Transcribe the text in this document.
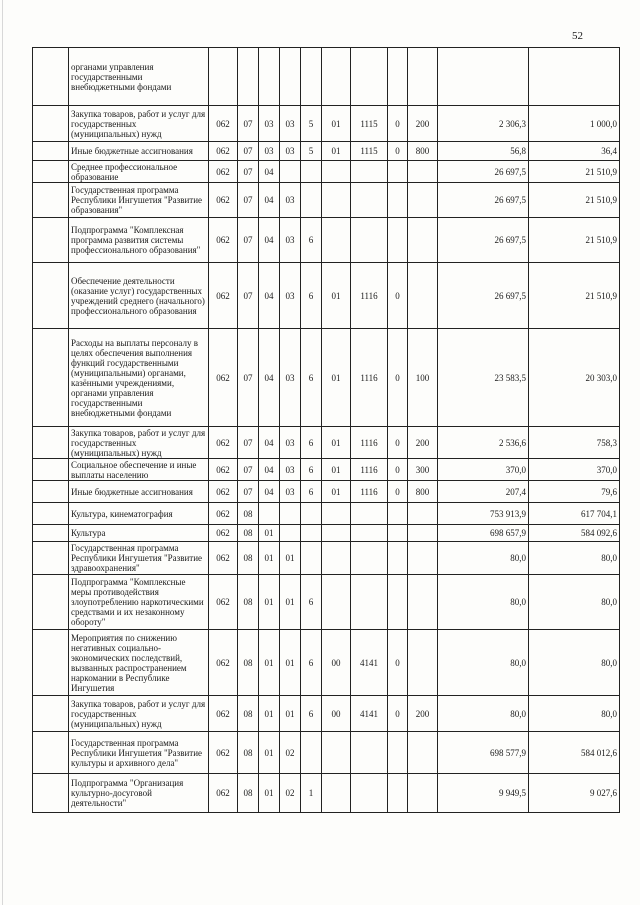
52
	органами управления государственными внебюджетными фондами											
	Закупка товаров, работ и услуг для государственных (муниципальных) нужд	062	07	03	03	5	01	1115	0	200	2 306,3	1 000,0
	Иные бюджетные ассигнования	062	07	03	03	5	01	1115	0	800	56,8	36,4
	Среднее профессиональное образование	062	07	04							26 697,5	21 510,9
	Государственная программа Республики Ингушетия "Развитие образования"	062	07	04	03						26 697,5	21 510,9
	Подпрограмма "Комплексная программа развития системы профессионального образования"	062	07	04	03	6					26 697,5	21 510,9
	Обеспечение деятельности (оказание услуг) государственных учреждений среднего (начального) профессионального образования	062	07	04	03	6	01	1116	0		26 697,5	21 510,9
	Расходы на выплаты персоналу в целях обеспечения выполнения функций государственными (муниципальными) органами, казёнными учреждениями, органами управления государственными внебюджетными фондами	062	07	04	03	6	01	1116	0	100	23 583,5	20 303,0
	Закупка товаров, работ и услуг для государственных (муниципальных) нужд	062	07	04	03	6	01	1116	0	200	2 536,6	758,3
	Социальное обеспечение и иные выплаты населению	062	07	04	03	6	01	1116	0	300	370,0	370,0
	Иные бюджетные ассигнования	062	07	04	03	6	01	1116	0	800	207,4	79,6
	Культура, кинематография	062	08								753 913,9	617 704,1
	Культура	062	08	01							698 657,9	584 092,6
	Государственная программа Республики Ингушетия "Развитие здравоохранения"	062	08	01	01						80,0	80,0
	Подпрограмма "Комплексные меры противодействия злоупотреблению наркотическими средствами и их незаконному обороту"	062	08	01	01	6					80,0	80,0
	Мероприятия по снижению негативных социально-экономических последствий, вызванных распространением наркомании в Республике Ингушетия	062	08	01	01	6	00	4141	0		80,0	80,0
	Закупка товаров, работ и услуг для государственных (муниципальных) нужд	062	08	01	01	6	00	4141	0	200	80,0	80,0
	Государственная программа Республики Ингушетия "Развитие культуры и архивного дела"	062	08	01	02						698 577,9	584 012,6
	Подпрограмма "Организация культурно-досуговой деятельности"	062	08	01	02	1					9 949,5	9 027,6
